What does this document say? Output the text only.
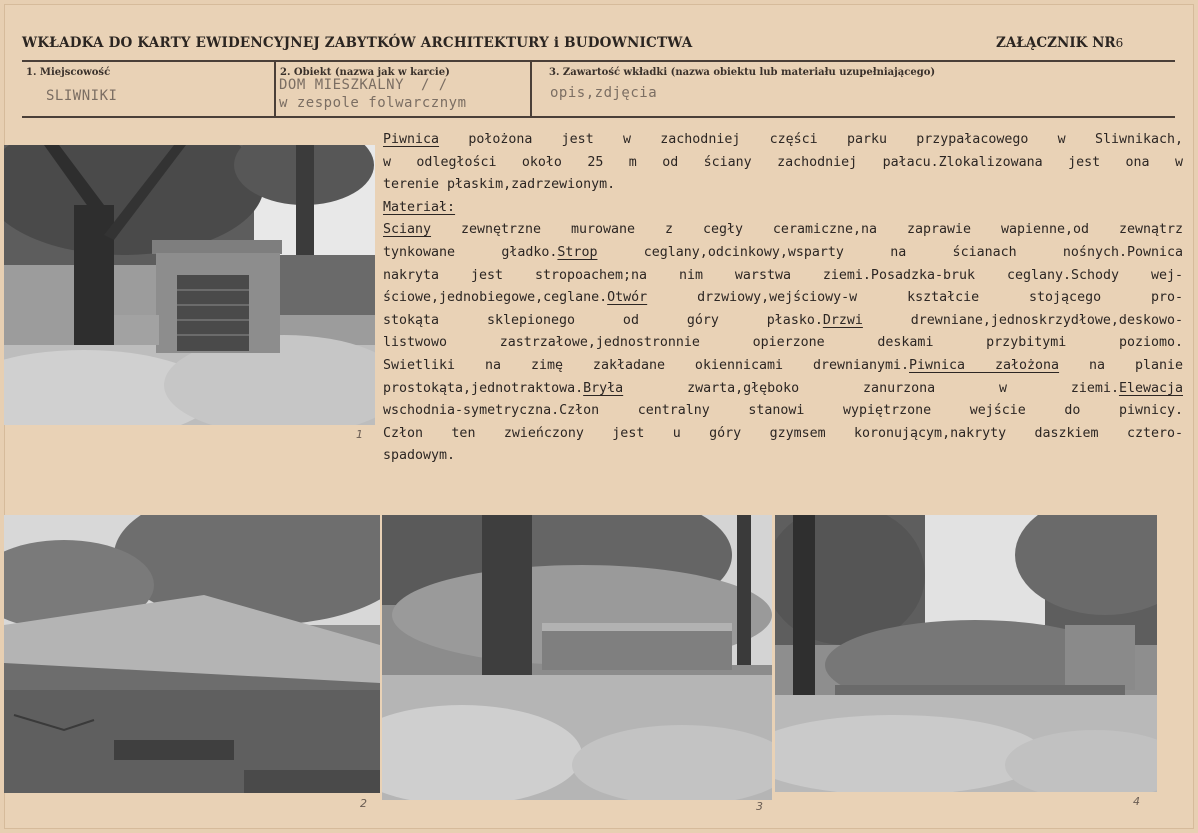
WKŁADKA DO KARTY EWIDENCYJNEJ ZABYTKÓW ARCHITEKTURY i BUDOWNICTWA	ZAŁĄCZNIK NR6
1. Miejscowość
SLIWNIKI
2. Obiekt (nazwa jak w karcie)
DOM MIESZKALNY / /
w zespole folwarcznym
3. Zawartość wkładki (nazwa obiektu lub materiału uzupełniającego)
opis,zdjęcia
Piwnica położona jest w zachodniej części parku przypałacowego w Sliwnikach,
w odległości około 25 m od ściany zachodniej pałacu.Zlokalizowana jest ona w
terenie płaskim,zadrzewionym.
Materiał:
Sciany zewnętrzne murowane z cegły ceramiczne,na zaprawie wapienne,od zewnątrz
tynkowane gładko.Strop ceglany,odcinkowy,wsparty na ścianach nośnych.Pownica
nakryta jest stropoachem;na nim warstwa ziemi.Posadzka-bruk ceglany.Schody wej-
ściowe,jednobiegowe,ceglane.Otwór drzwiowy,wejściowy-w kształcie stojącego pro-
stokąta sklepionego od góry płasko.Drzwi drewniane,jednoskrzydłowe,deskowo-
listwowo zastrzałowe,jednostronnie opierzone deskami przybitymi poziomo.
Swietliki na zimę zakładane okiennicami drewnianymi.Piwnica założona na planie
prostokąta,jednotraktowa.Bryła zwarta,głęboko zanurzona w ziemi.Elewacja
wschodnia-symetryczna.Człon centralny stanowi wypiętrzone wejście do piwnicy.
Człon ten zwieńczony jest u góry gzymsem koronującym,nakryty daszkiem cztero-
spadowym.
1
2	3	4
